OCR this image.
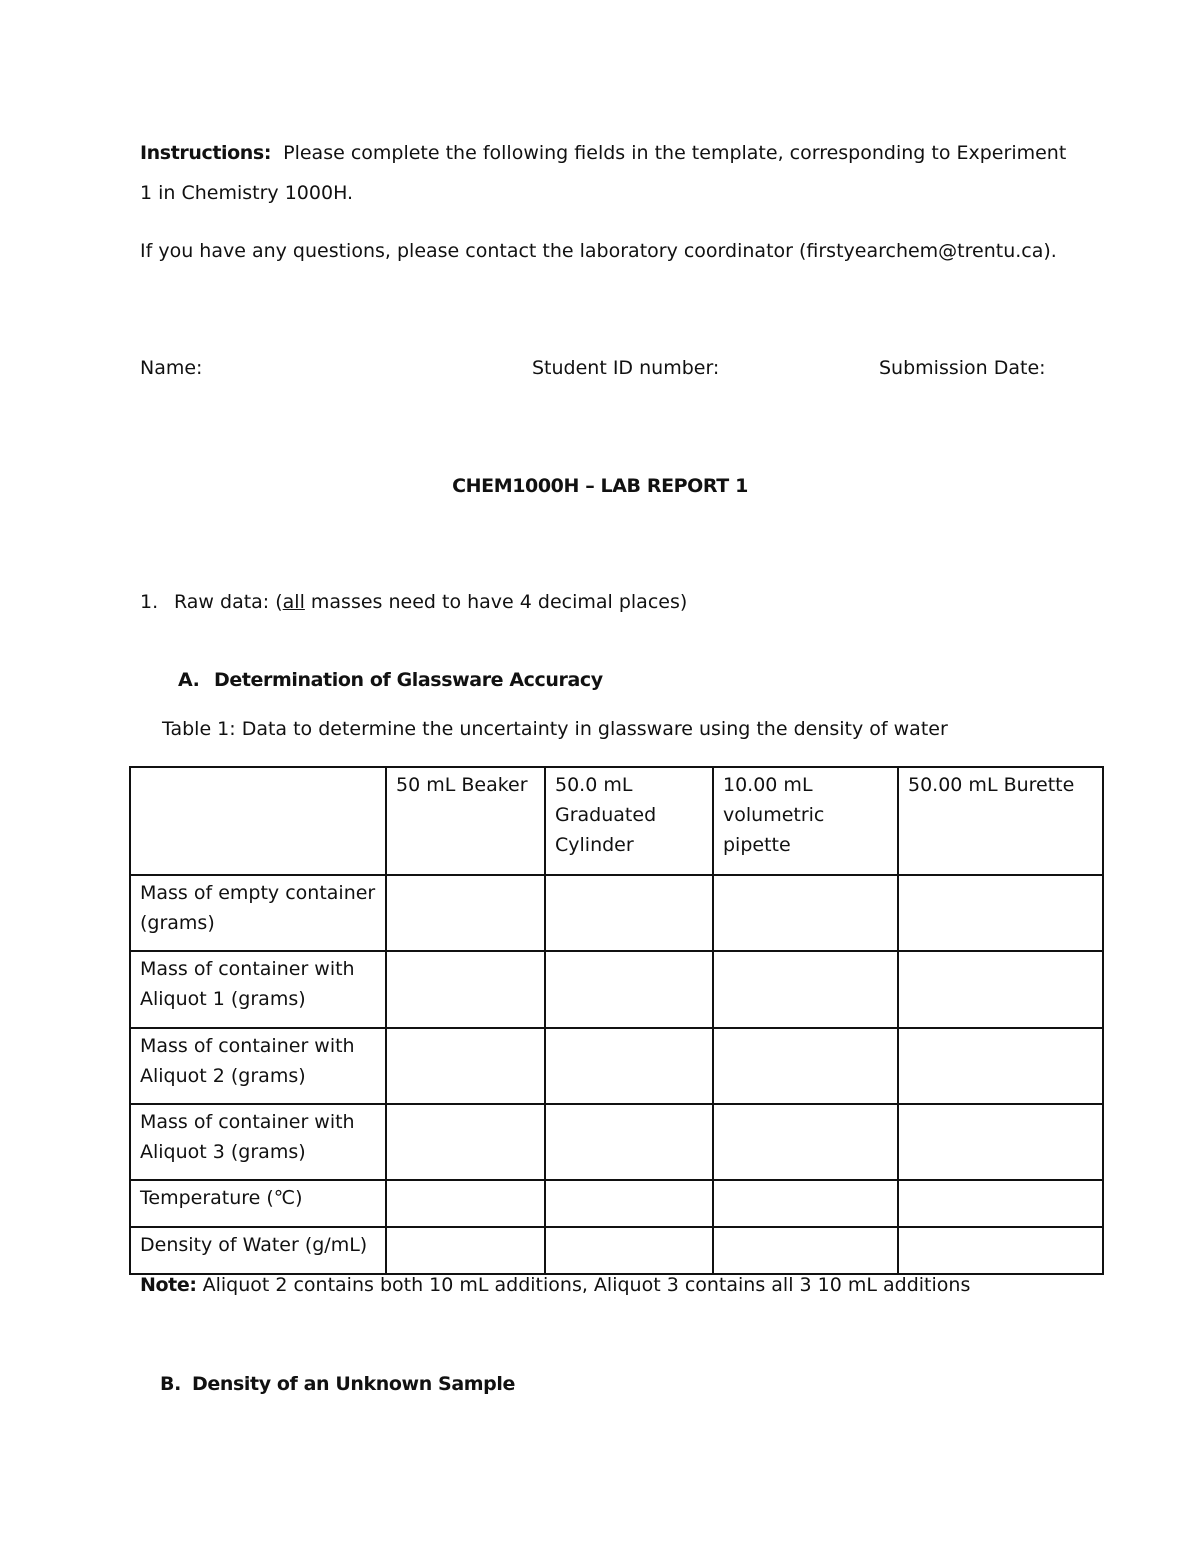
Instructions: Please complete the following fields in the template, corresponding to Experiment
1 in Chemistry 1000H.
If you have any questions, please contact the laboratory coordinator (firstyearchem@trentu.ca).
Name:	Student ID number:	Submission Date:
CHEM1000H – LAB REPORT 1
1. Raw data: (all masses need to have 4 decimal places)
A. Determination of Glassware Accuracy
Table 1: Data to determine the uncertainty in glassware using the density of water
	50 mL Beaker	50.0 mL Graduated Cylinder	10.00 mL volumetric pipette	50.00 mL Burette
Mass of empty container (grams)				
Mass of container with Aliquot 1 (grams)				
Mass of container with Aliquot 2 (grams)				
Mass of container with Aliquot 3 (grams)				
Temperature (℃)				
Density of Water (g/mL)				
Note: Aliquot 2 contains both 10 mL additions, Aliquot 3 contains all 3 10 mL additions
B. Density of an Unknown Sample
